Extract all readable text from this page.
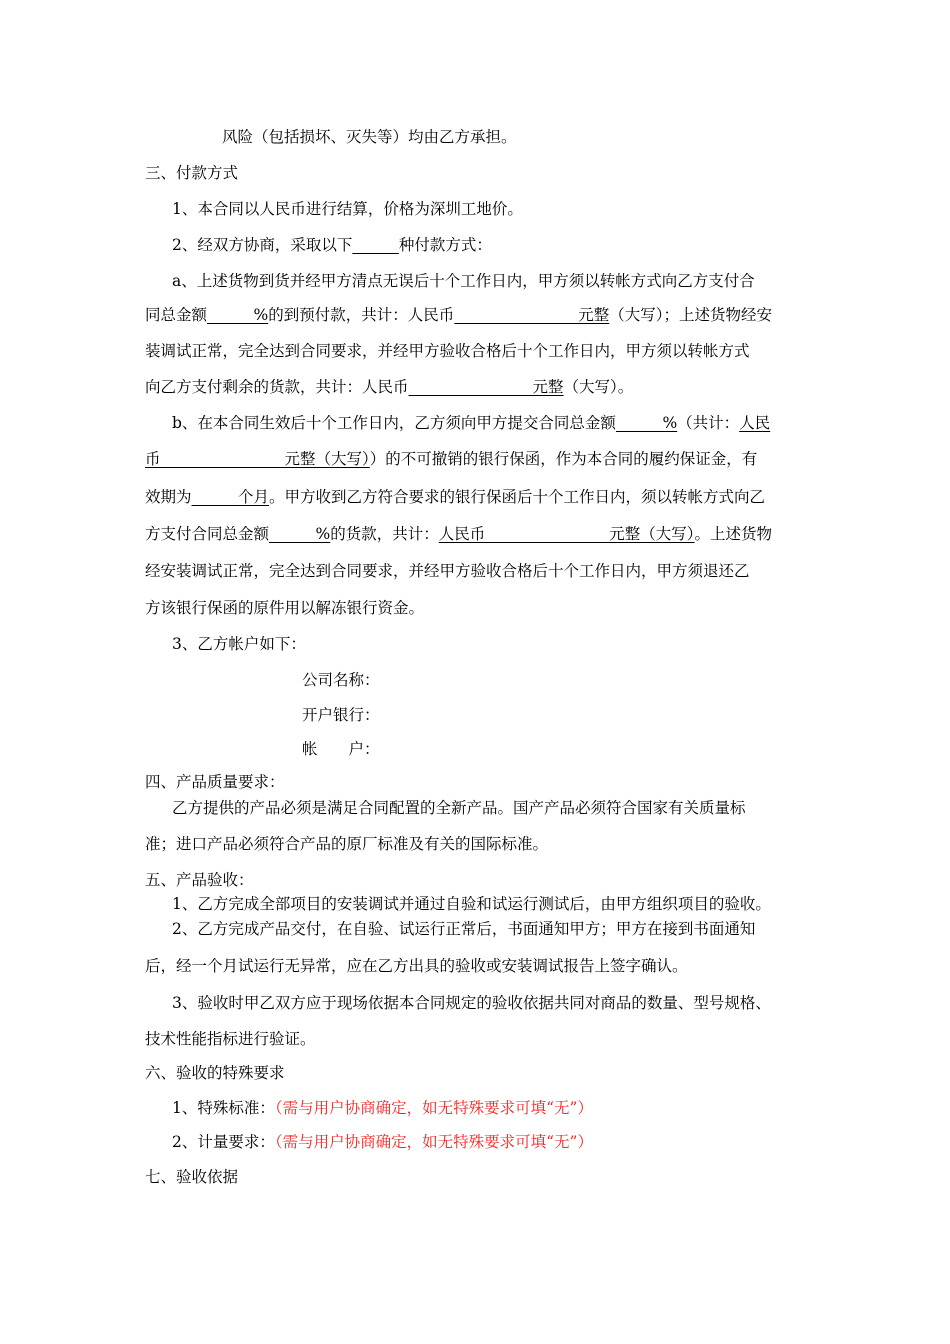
风险（包括损坏、灭失等）均由乙方承担。
三、付款方式
1、本合同以人民币进行结算，价格为深圳工地价。
2、经双方协商，采取以下　　　	种付款方式：
a、上述货物到货并经甲方清点无误后十个工作日内，甲方须以转帐方式向乙方支付合
同总金额　　　%的到预付款，共计：人民币　　　　　　　　元整（大写）；上述货物经安
装调试正常，完全达到合同要求，并经甲方验收合格后十个工作日内，甲方须以转帐方式
向乙方支付剩余的货款，共计：人民币　　　　　　　　元整（大写）。
b、在本合同生效后十个工作日内，乙方须向甲方提交合同总金额　　　%（共计：人民
币　　　　　　　　元整（大写））的不可撤销的银行保函，作为本合同的履约保证金，有
效期为　　　个月。甲方收到乙方符合要求的银行保函后十个工作日内，须以转帐方式向乙
方支付合同总金额　　　%的货款，共计：人民币　　　　　　　　元整（大写）。上述货物
经安装调试正常，完全达到合同要求，并经甲方验收合格后十个工作日内，甲方须退还乙
方该银行保函的原件用以解冻银行资金。
3、乙方帐户如下：
公司名称：
开户银行：
帐　　户：
四、产品质量要求：
乙方提供的产品必须是满足合同配置的全新产品。国产产品必须符合国家有关质量标
准；进口产品必须符合产品的原厂标准及有关的国际标准。
五、产品验收：
1、乙方完成全部项目的安装调试并通过自验和试运行测试后，由甲方组织项目的验收。
2、乙方完成产品交付，在自验、试运行正常后，书面通知甲方；甲方在接到书面通知
后，经一个月试运行无异常，应在乙方出具的验收或安装调试报告上签字确认。
3、验收时甲乙双方应于现场依据本合同规定的验收依据共同对商品的数量、型号规格、
技术性能指标进行验证。
六、验收的特殊要求
1、特殊标准：（需与用户协商确定，如无特殊要求可填“无”）
2、计量要求：（需与用户协商确定，如无特殊要求可填“无”）
七、验收依据
